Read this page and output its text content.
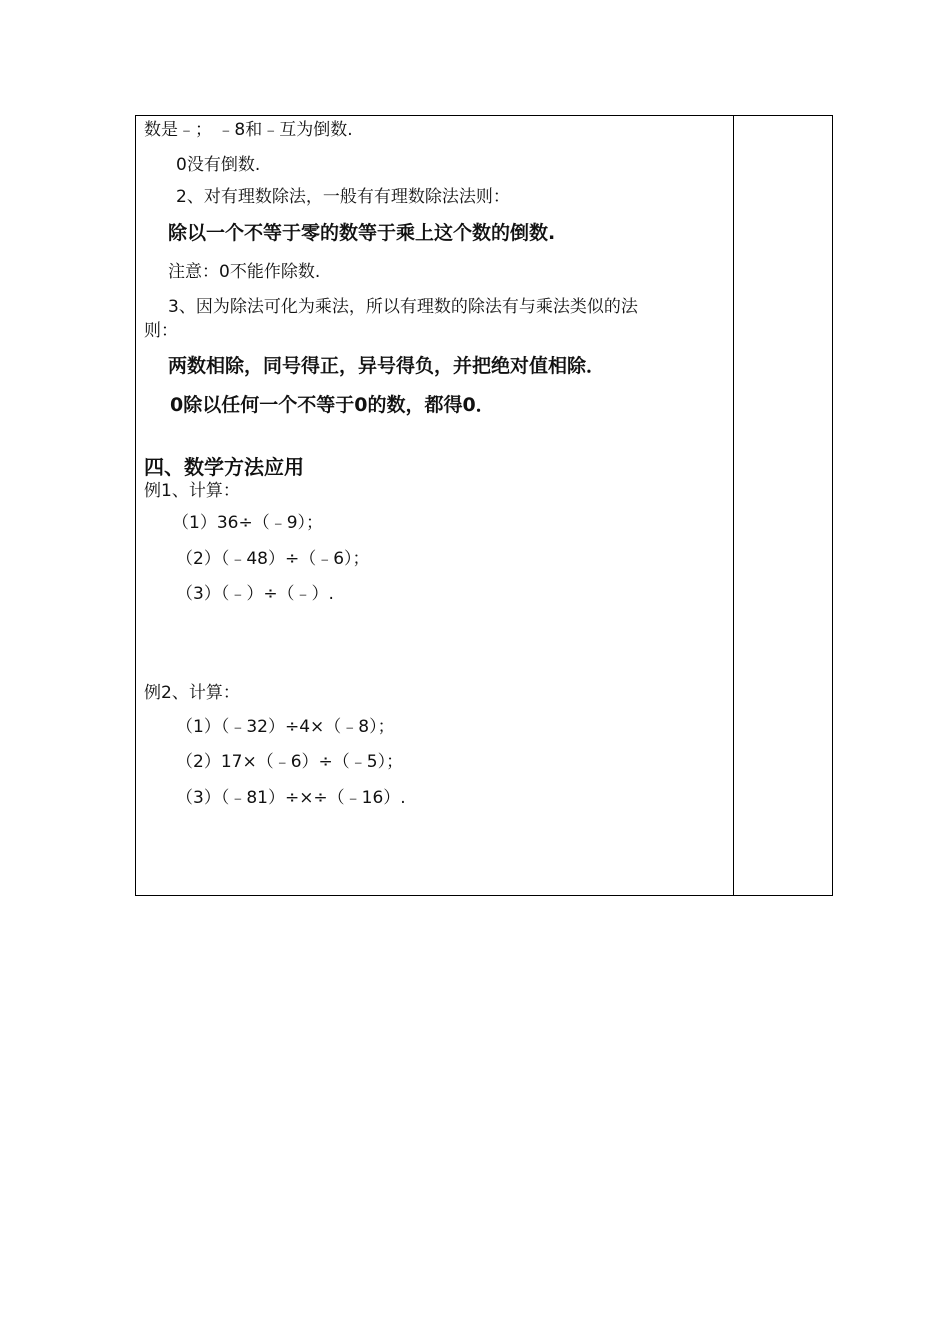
数是﹣； ﹣8和﹣互为倒数.
0没有倒数.
2、对有理数除法，一般有有理数除法法则：
除以一个不等于零的数等于乘上这个数的倒数.
注意：0不能作除数.
3、因为除法可化为乘法，所以有理数的除法有与乘法类似的法
则：
两数相除，同号得正，异号得负，并把绝对值相除．
0除以任何一个不等于0的数，都得0．
四、数学方法应用
例1、计算：
（1）36÷（﹣9）；
（2）（﹣48）÷（﹣6）；
（3）（﹣）÷（﹣）.
例2、计算：
（1）（﹣32）÷4×（﹣8）；
（2）17×（﹣6）÷（﹣5）；
（3）（﹣81）÷×÷（﹣16）.
